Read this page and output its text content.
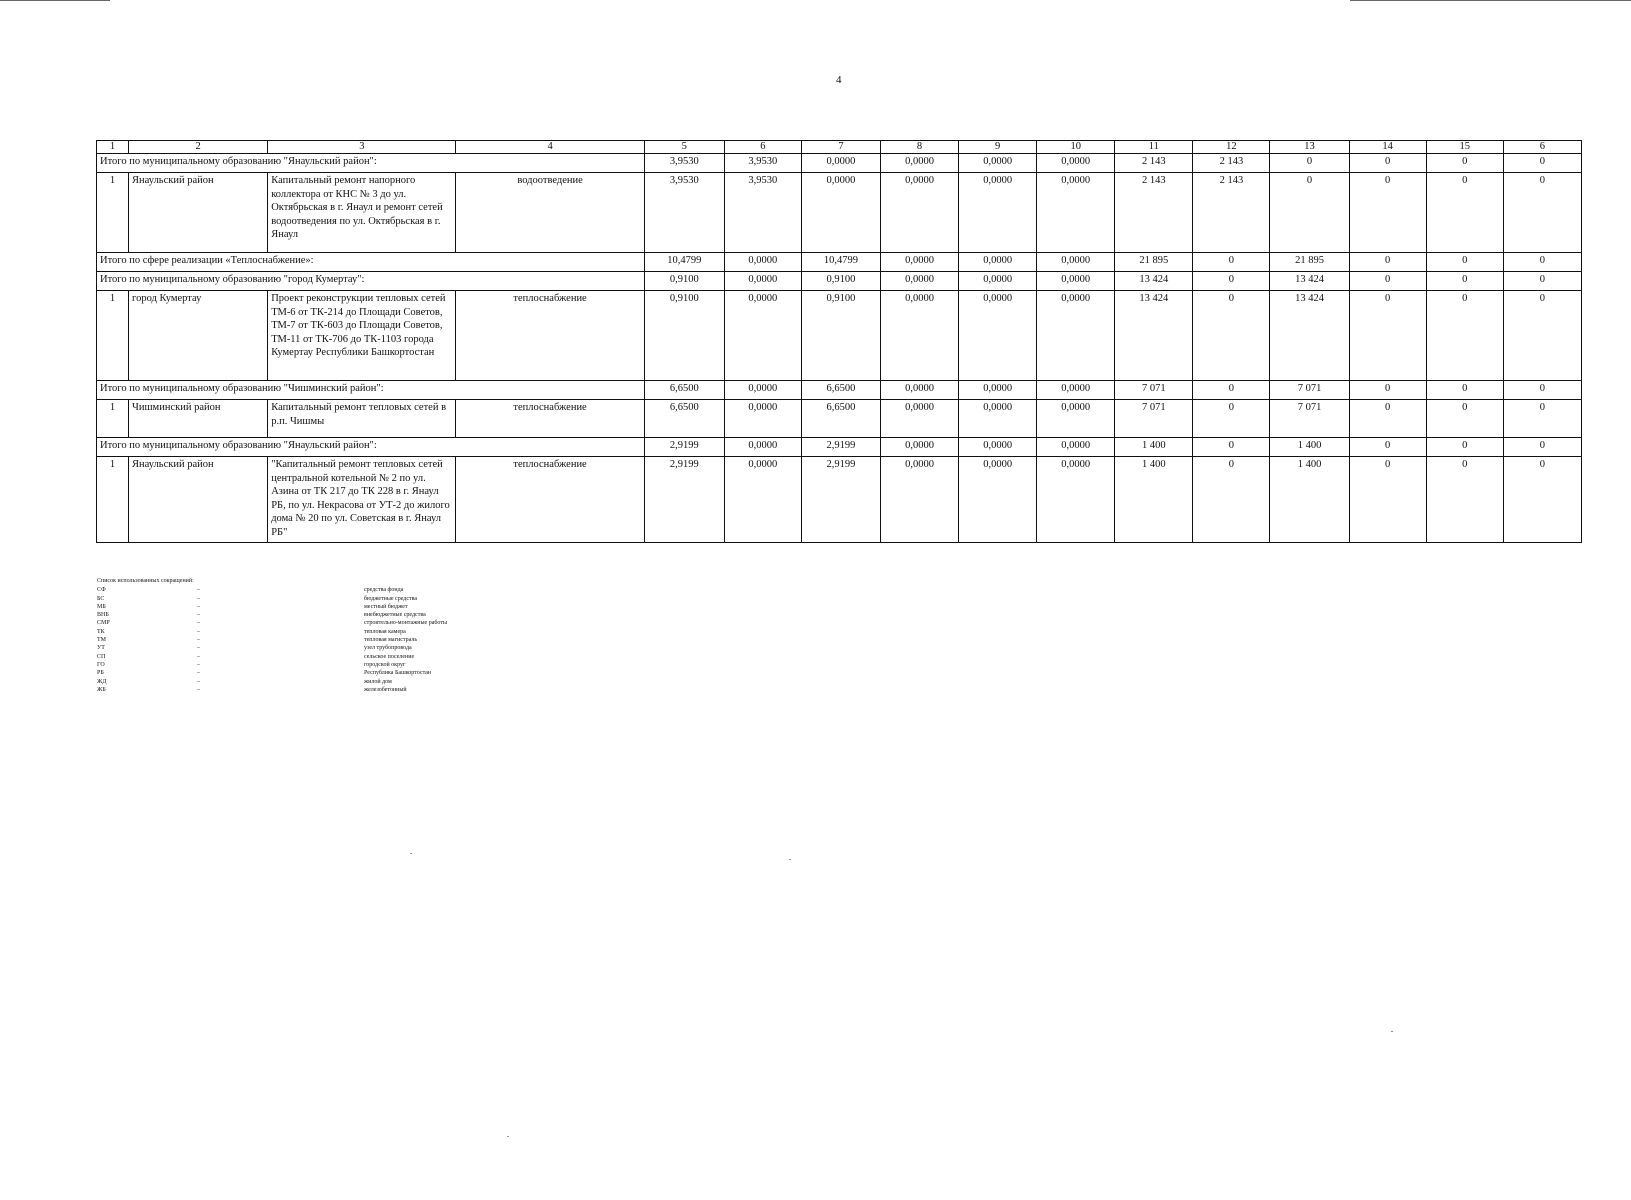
4
1	2	3	4	5	6	7	8	9	10	11	12	13	14	15	6
Итого по муниципальному образованию "Янаульский район":				3,9530	3,9530	0,0000	0,0000	0,0000	0,0000	2 143	2 143	0	0	0	0
1	Янаульский район	Капитальный ремонт напорного коллектора от КНС № 3 до ул. Октябрьская в г. Янаул и ремонт сетей водоотведения по ул. Октябрьская в г. Янаул	водоотведение	3,9530	3,9530	0,0000	0,0000	0,0000	0,0000	2 143	2 143	0	0	0	0
Итого по сфере реализации «Теплоснабжение»:				10,4799	0,0000	10,4799	0,0000	0,0000	0,0000	21 895	0	21 895	0	0	0
Итого по муниципальному образованию "город Кумертау":				0,9100	0,0000	0,9100	0,0000	0,0000	0,0000	13 424	0	13 424	0	0	0
1	город Кумертау	Проект реконструкции тепловых сетей ТМ-6 от ТК-214 до Площади Советов, ТМ-7 от ТК-603 до Площади Советов, ТМ-11 от ТК-706 до ТК-1103 города Кумертау Республики Башкортостан	теплоснабжение	0,9100	0,0000	0,9100	0,0000	0,0000	0,0000	13 424	0	13 424	0	0	0
Итого по муниципальному образованию "Чишминский район":				6,6500	0,0000	6,6500	0,0000	0,0000	0,0000	7 071	0	7 071	0	0	0
1	Чишминский район	Капитальный ремонт тепловых сетей в р.п. Чишмы	теплоснабжение	6,6500	0,0000	6,6500	0,0000	0,0000	0,0000	7 071	0	7 071	0	0	0
Итого по муниципальному образованию "Янаульский район":				2,9199	0,0000	2,9199	0,0000	0,0000	0,0000	1 400	0	1 400	0	0	0
1	Янаульский район	"Капитальный ремонт тепловых сетей центральной котельной № 2 по ул. Азина от ТК 217 до ТК 228 в г. Янаул РБ, по ул. Некрасова от УТ-2 до жилого дома № 20 по ул. Советская в г. Янаул РБ"	теплоснабжение	2,9199	0,0000	2,9199	0,0000	0,0000	0,0000	1 400	0	1 400	0	0	0
Список использованных сокращений:
СФ	–	средства фонда
БС	–	бюджетные средства
МБ	–	местный бюджет
ВНБ	–	внебюджетные средства
СМР	–	строительно-монтажные работы
ТК	–	тепловая камера
ТМ	–	тепловая магистраль
УТ	–	узел трубопровода
СП	–	сельское поселение
ГО	–	городской округ
РБ	–	Республика Башкортостан
ЖД	–	жилой дом
ЖБ	–	железобетонный
